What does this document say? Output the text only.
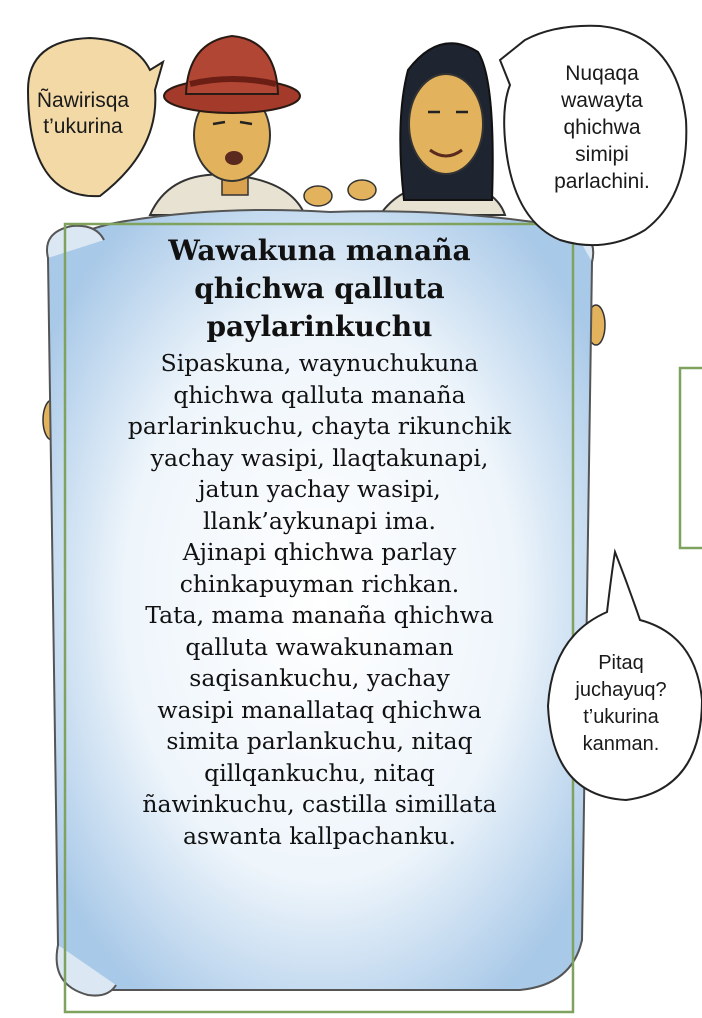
Ñawirisqa
t’ukurina
Nuqaqa
wawayta
qhichwa
simipi
parlachini.
Pitaq
juchayuq?
t’ukurina
kanman.
Wawakuna manaña
qhichwa qalluta
paylarinkuchu

Sipaskuna, waynuchukuna
qhichwa qalluta manaña
parlarinkuchu, chayta rikunchik
yachay wasipi, llaqtakunapi,
jatun yachay wasipi,
llank’aykunapi ima.
Ajinapi qhichwa parlay
chinkapuyman richkan.
Tata, mama manaña qhichwa
qalluta wawakunaman
saqisankuchu, yachay
wasipi manallataq qhichwa
simita parlankuchu, nitaq
qillqankuchu, nitaq
ñawinkuchu, castilla simillata
aswanta kallpachanku.
